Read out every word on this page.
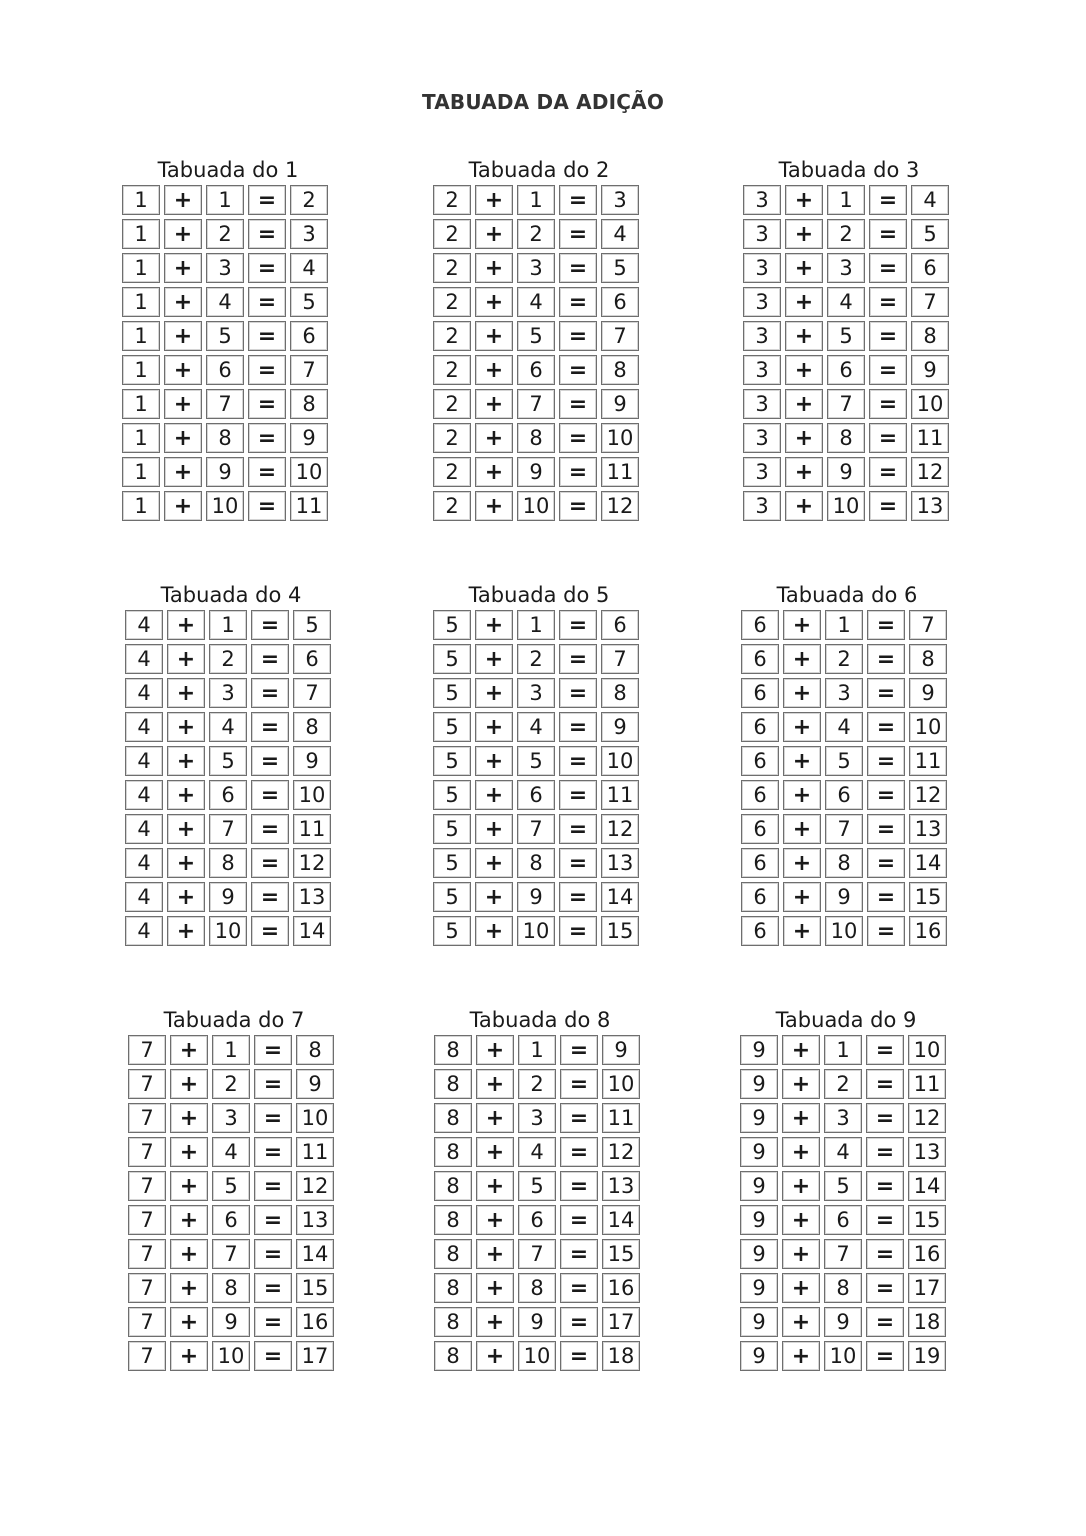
TABUADA DA ADIÇÃO
Tabuada do 1
1	+	1	=	2
1	+	2	=	3
1	+	3	=	4
1	+	4	=	5
1	+	5	=	6
1	+	6	=	7
1	+	7	=	8
1	+	8	=	9
1	+	9	= 10
1	+ 10 = 11
Tabuada do 2
2	+	1	=	3
2	+	2	=	4
2	+	3	=	5
2	+	4	=	6
2	+	5	=	7
2	+	6	=	8
2	+	7	=	9
2	+	8	= 10
2	+	9	= 11
2	+ 10 = 12
Tabuada do 3
3	+	1	=	4
3	+	2	=	5
3	+	3	=	6
3	+	4	=	7
3	+	5	=	8
3	+	6	=	9
3	+	7	= 10
3	+	8	= 11
3	+	9	= 12
3	+ 10 = 13
Tabuada do 4
4	+	1	=	5
4	+	2	=	6
4	+	3	=	7
4	+	4	=	8
4	+	5	=	9
4	+	6	= 10
4	+	7	= 11
4	+	8	= 12
4	+	9	= 13
4	+ 10 = 14
Tabuada do 5
5	+	1	=	6
5	+	2	=	7
5	+	3	=	8
5	+	4	=	9
5	+	5	= 10
5	+	6	= 11
5	+	7	= 12
5	+	8	= 13
5	+	9	= 14
5	+ 10 = 15
Tabuada do 6
6	+	1	=	7
6	+	2	=	8
6	+	3	=	9
6	+	4	= 10
6	+	5	= 11
6	+	6	= 12
6	+	7	= 13
6	+	8	= 14
6	+	9	= 15
6	+ 10 = 16
Tabuada do 7
7	+	1	=	8
7	+	2	=	9
7	+	3	= 10
7	+	4	= 11
7	+	5	= 12
7	+	6	= 13
7	+	7	= 14
7	+	8	= 15
7	+	9	= 16
7	+ 10 = 17
Tabuada do 8
8	+	1	=	9
8	+	2	= 10
8	+	3	= 11
8	+	4	= 12
8	+	5	= 13
8	+	6	= 14
8	+	7	= 15
8	+	8	= 16
8	+	9	= 17
8	+ 10 = 18
Tabuada do 9
9	+	1	= 10
9	+	2	= 11
9	+	3	= 12
9	+	4	= 13
9	+	5	= 14
9	+	6	= 15
9	+	7	= 16
9	+	8	= 17
9	+	9	= 18
9	+ 10 = 19
